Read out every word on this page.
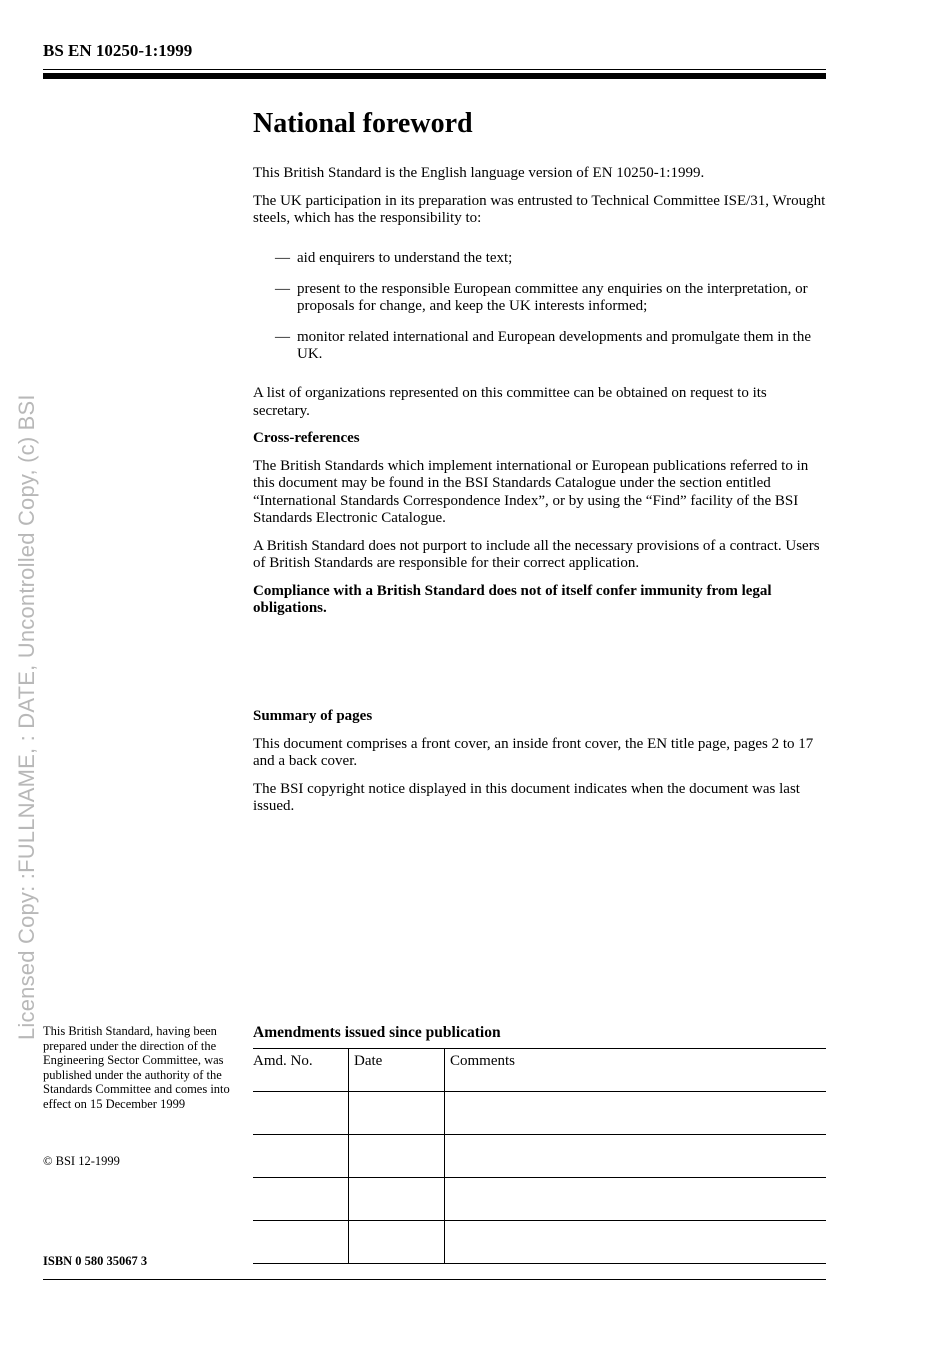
Licensed Copy: :FULLNAME, : DATE, Uncontrolled Copy, (c) BSI
BS EN 10250-1:1999
National foreword

This British Standard is the English language version of EN 10250-1:1999.

The UK participation in its preparation was entrusted to Technical Committee ISE/31, Wrought steels, which has the responsibility to:

— aid enquirers to understand the text;
— present to the responsible European committee any enquiries on the interpretation, or proposals for change, and keep the UK interests informed;
— monitor related international and European developments and promulgate them in the UK.

A list of organizations represented on this committee can be obtained on request to its secretary.

Cross-references

The British Standards which implement international or European publications referred to in this document may be found in the BSI Standards Catalogue under the section entitled “International Standards Correspondence Index”, or by using the “Find” facility of the BSI Standards Electronic Catalogue.

A British Standard does not purport to include all the necessary provisions of a contract. Users of British Standards are responsible for their correct application.

Compliance with a British Standard does not of itself confer immunity from legal obligations.

Summary of pages

This document comprises a front cover, an inside front cover, the EN title page, pages 2 to 17 and a back cover.

The BSI copyright notice displayed in this document indicates when the document was last issued.

This British Standard, having been prepared under the direction of the Engineering Sector Committee, was published under the authority of the Standards Committee and comes into effect on 15 December 1999
© BSI 12-1999
ISBN 0 580 35067 3
Amendments issued since publication
Amd. No.	Date	Comments
